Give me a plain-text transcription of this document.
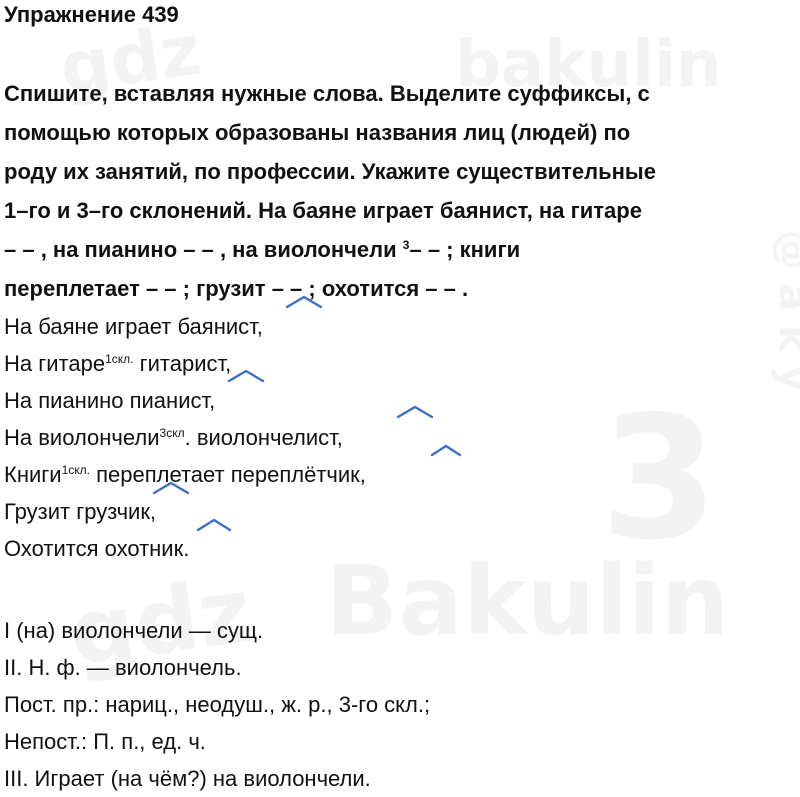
Упражнение 439
Спишите, вставляя нужные слова. Выделите суффиксы, с
помощью которых образованы названия лиц (людей) по
роду их занятий, по профессии. Укажите существительные
1–го и 3–го склонений. На баяне играет баянист, на гитаре
– – , на пианино – – , на виолончели $^3$– – ; книги
переплетает – – ; грузит – – ; охотится – – .
На баяне играет баянист,
На гитаре$^{1скл.}$ гитарист,
На пианино пианист,
На виолончели$^{3скл}$. виолончелист,
Книги$^{1скл.}$ переплетает переплётчик,
Грузит грузчик,
Охотится охотник.
I (на) виолончели — сущ.
II. Н. ф. — виолончель.
Пост. пр.: нариц., неодуш., ж. р., 3-го скл.;
Непост.: П. п., ед. ч.
III. Играет (на чём?) на виолончели.
